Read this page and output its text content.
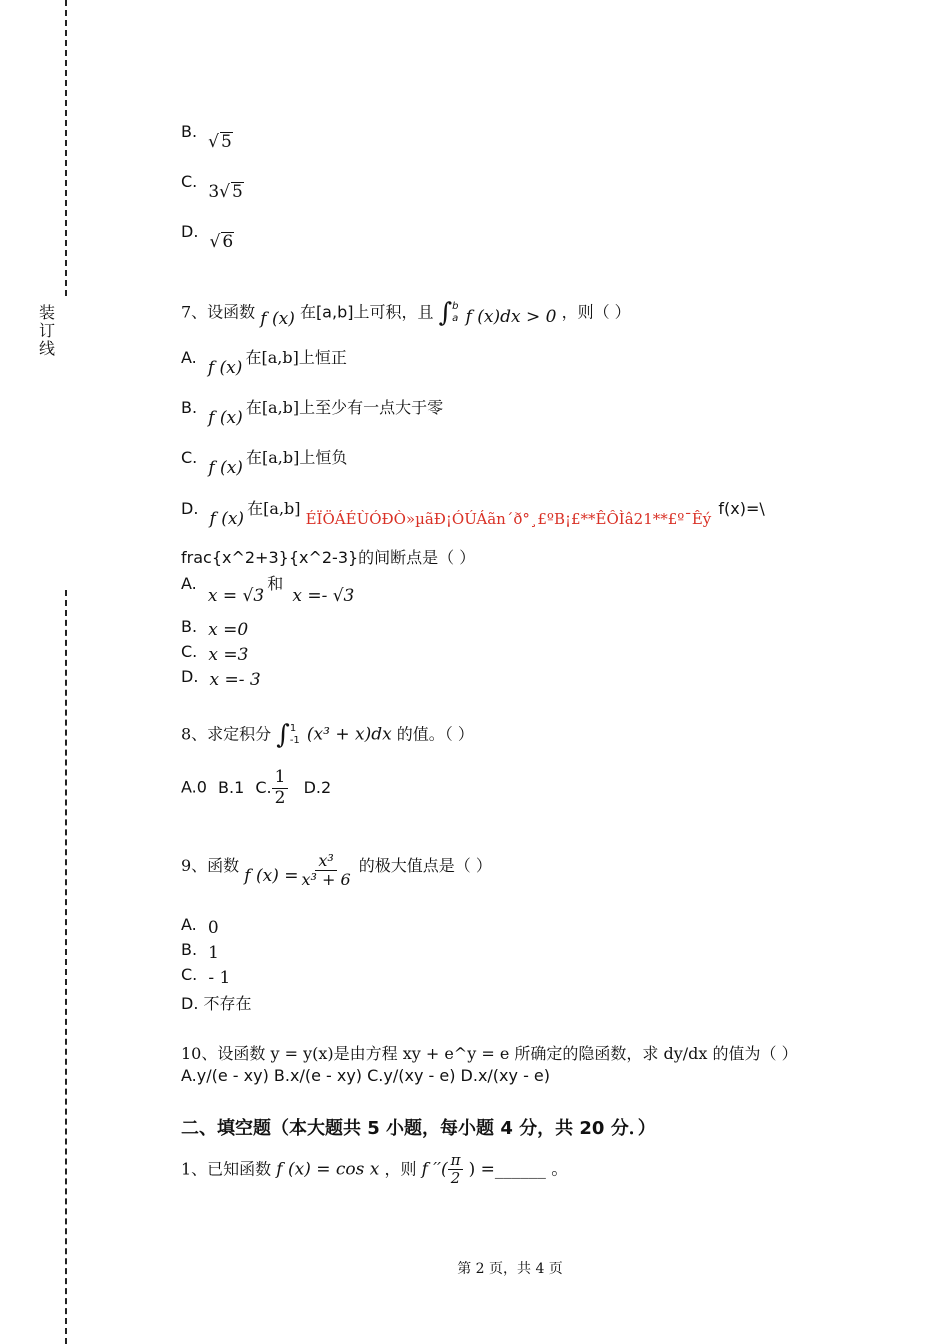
装
订
线
B. √ 5
C. 3√ 5
D. √ 6
7、设函数 f (x) 在[a,b]上可积，且 ∫ b
a f (x)dx > 0 ，则（ ）
A. f (x) 在[a,b]上恒正
B. f (x) 在[a,b]上至少有一点大于零
C. f (x) 在[a,b]上恒负
D. f (x) 在[a,b] ÉÏÖÁÉÙÓÐÒ»µãÐ¡ÓÚÁãn´ð°¸£ºB¡£**ÊÔÌâ21**£º¯Êý f(x)=\
frac{x^2+3}{x^2-3}的间断点是（ ）
A. x = √3 和 x =- √3
B. x =0
C. x =3
D. x =- 3
8、求定积分 ∫ 1
-1 (x³ + x)dx 的值。（ ）
A.0 B.1 C. $\frac{1}{2} D.2$
9、函数 f $(x) = \frac{\text{x³}}{\text{x³ + 6}}$ 的极大值点是（ ）
A. 0
B. 1
C. - 1
D. 不存在
10、设函数 y = y(x)是由方程 xy + e^y = e 所确定的隐函数，求 dy/dx 的值为（ ）
A.y/(e - xy) B.x/(e - xy) C.y/(xy - e) D.x/(xy - e)
二、填空题（本大题共 5 小题，每小题 4 分，共 20 分．）
1、已知函数 f (x) = cos x ，则 f ′′( $\frac{\pi}{2}$ ) =______ 。
第 2 页，共 4 页
